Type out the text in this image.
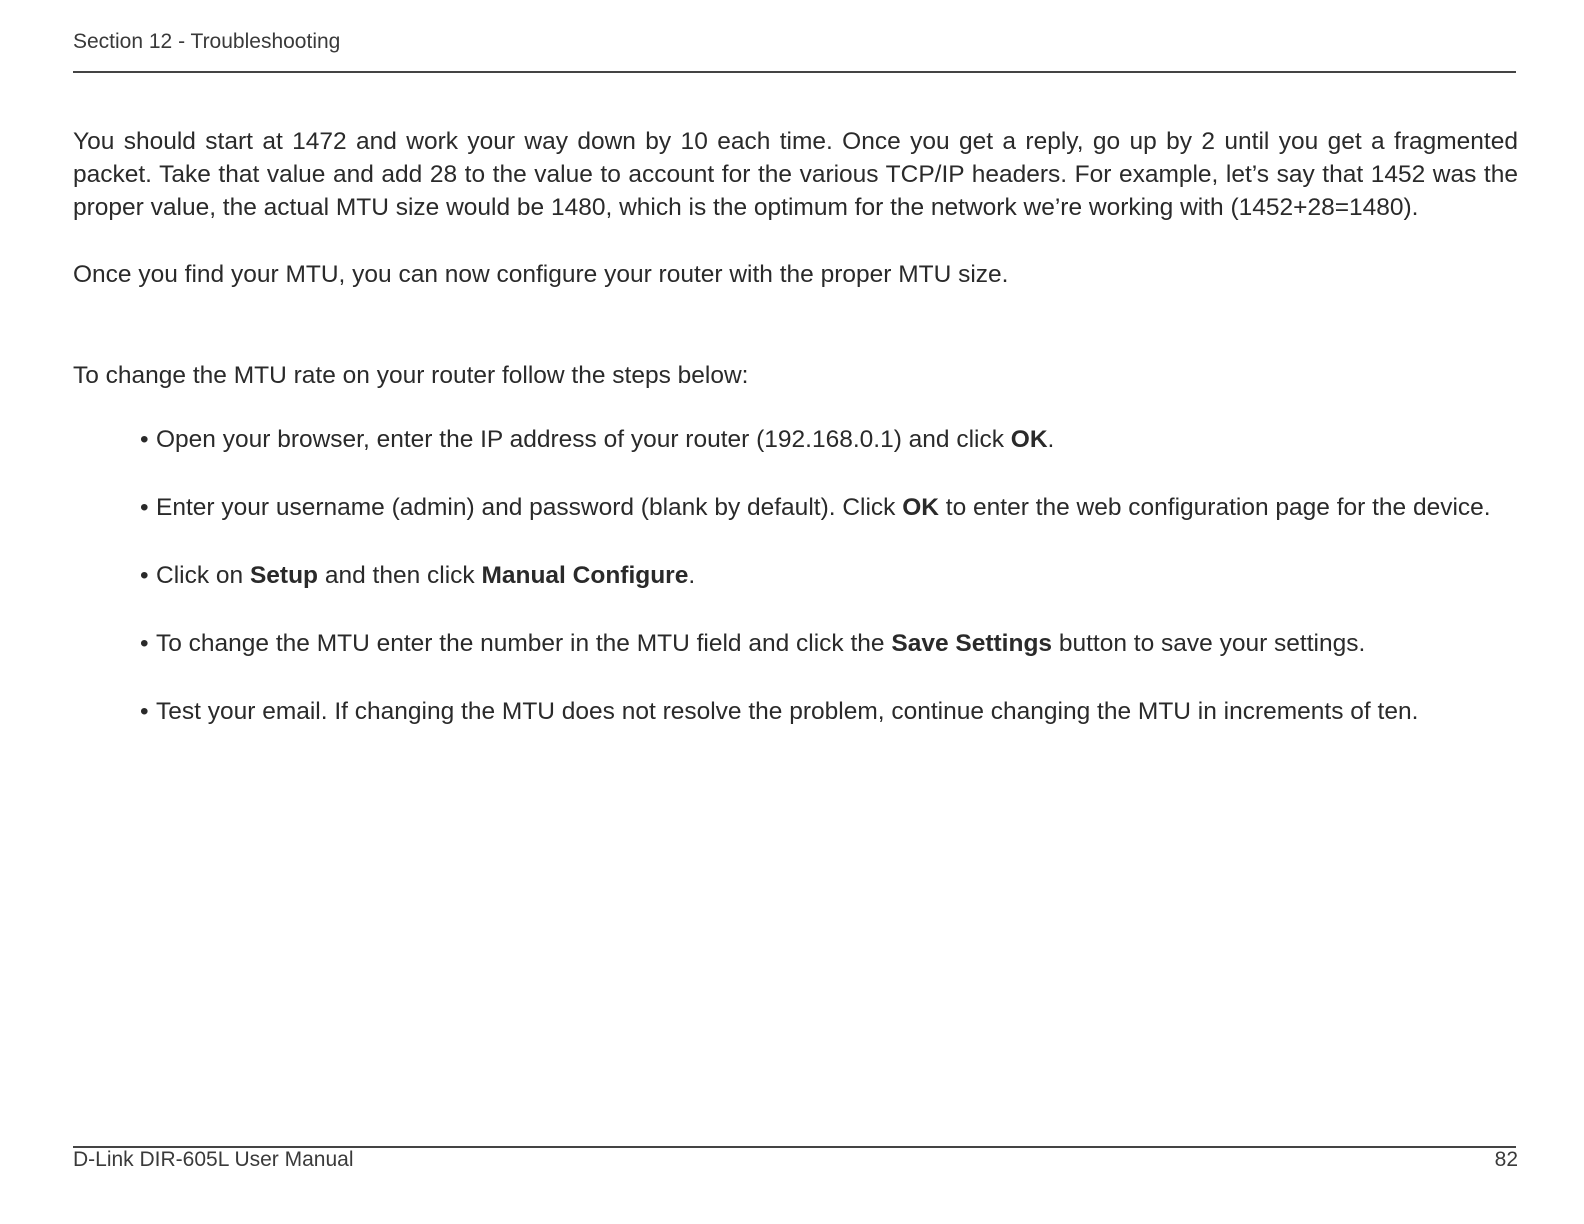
Section 12 - Troubleshooting

You should start at 1472 and work your way down by 10 each time. Once you get a reply, go up by 2 until you get a fragmented packet. Take that value and add 28 to the value to account for the various TCP/IP headers. For example, let’s say that 1452 was the proper value, the actual MTU size would be 1480, which is the optimum for the network we’re working with (1452+28=1480).

Once you find your MTU, you can now configure your router with the proper MTU size.

To change the MTU rate on your router follow the steps below:

• Open your browser, enter the IP address of your router (192.168.0.1) and click OK.
• Enter your username (admin) and password (blank by default). Click OK to enter the web configuration page for the device.
• Click on Setup and then click Manual Configure.
• To change the MTU enter the number in the MTU field and click the Save Settings button to save your settings.
• Test your email. If changing the MTU does not resolve the problem, continue changing the MTU in increments of ten.
D-Link DIR-605L User Manual	82
